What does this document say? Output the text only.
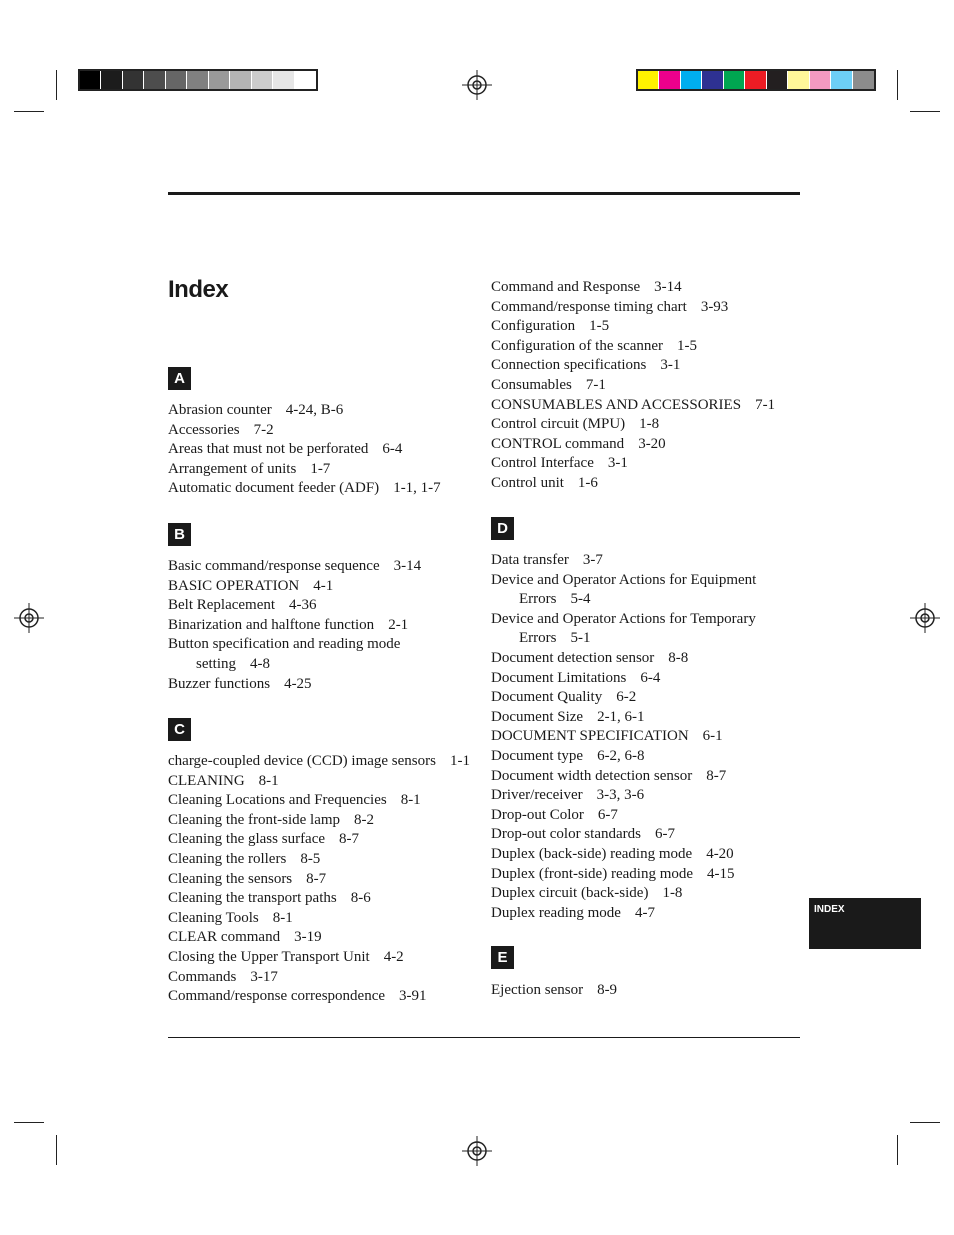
Index
A
Abrasion counter 4-24, B-6
Accessories 7-2
Areas that must not be perforated 6-4
Arrangement of units 1-7
Automatic document feeder (ADF) 1-1, 1-7
B
Basic command/response sequence 3-14
BASIC OPERATION 4-1
Belt Replacement 4-36
Binarization and halftone function 2-1
Button specification and reading mode
setting 4-8
Buzzer functions 4-25
C
charge-coupled device (CCD) image sensors 1-1
CLEANING 8-1
Cleaning Locations and Frequencies 8-1
Cleaning the front-side lamp 8-2
Cleaning the glass surface 8-7
Cleaning the rollers 8-5
Cleaning the sensors 8-7
Cleaning the transport paths 8-6
Cleaning Tools 8-1
CLEAR command 3-19
Closing the Upper Transport Unit 4-2
Commands 3-17
Command/response correspondence 3-91
Command and Response 3-14
Command/response timing chart 3-93
Configuration 1-5
Configuration of the scanner 1-5
Connection specifications 3-1
Consumables 7-1
CONSUMABLES AND ACCESSORIES 7-1
Control circuit (MPU) 1-8
CONTROL command 3-20
Control Interface 3-1
Control unit 1-6
D
Data transfer 3-7
Device and Operator Actions for Equipment
Errors 5-4
Device and Operator Actions for Temporary
Errors 5-1
Document detection sensor 8-8
Document Limitations 6-4
Document Quality 6-2
Document Size 2-1, 6-1
DOCUMENT SPECIFICATION 6-1
Document type 6-2, 6-8
Document width detection sensor 8-7
Driver/receiver 3-3, 3-6
Drop-out Color 6-7
Drop-out color standards 6-7
Duplex (back-side) reading mode 4-20
Duplex (front-side) reading mode 4-15
Duplex circuit (back-side) 1-8
Duplex reading mode 4-7
E
Ejection sensor 8-9
INDEX
